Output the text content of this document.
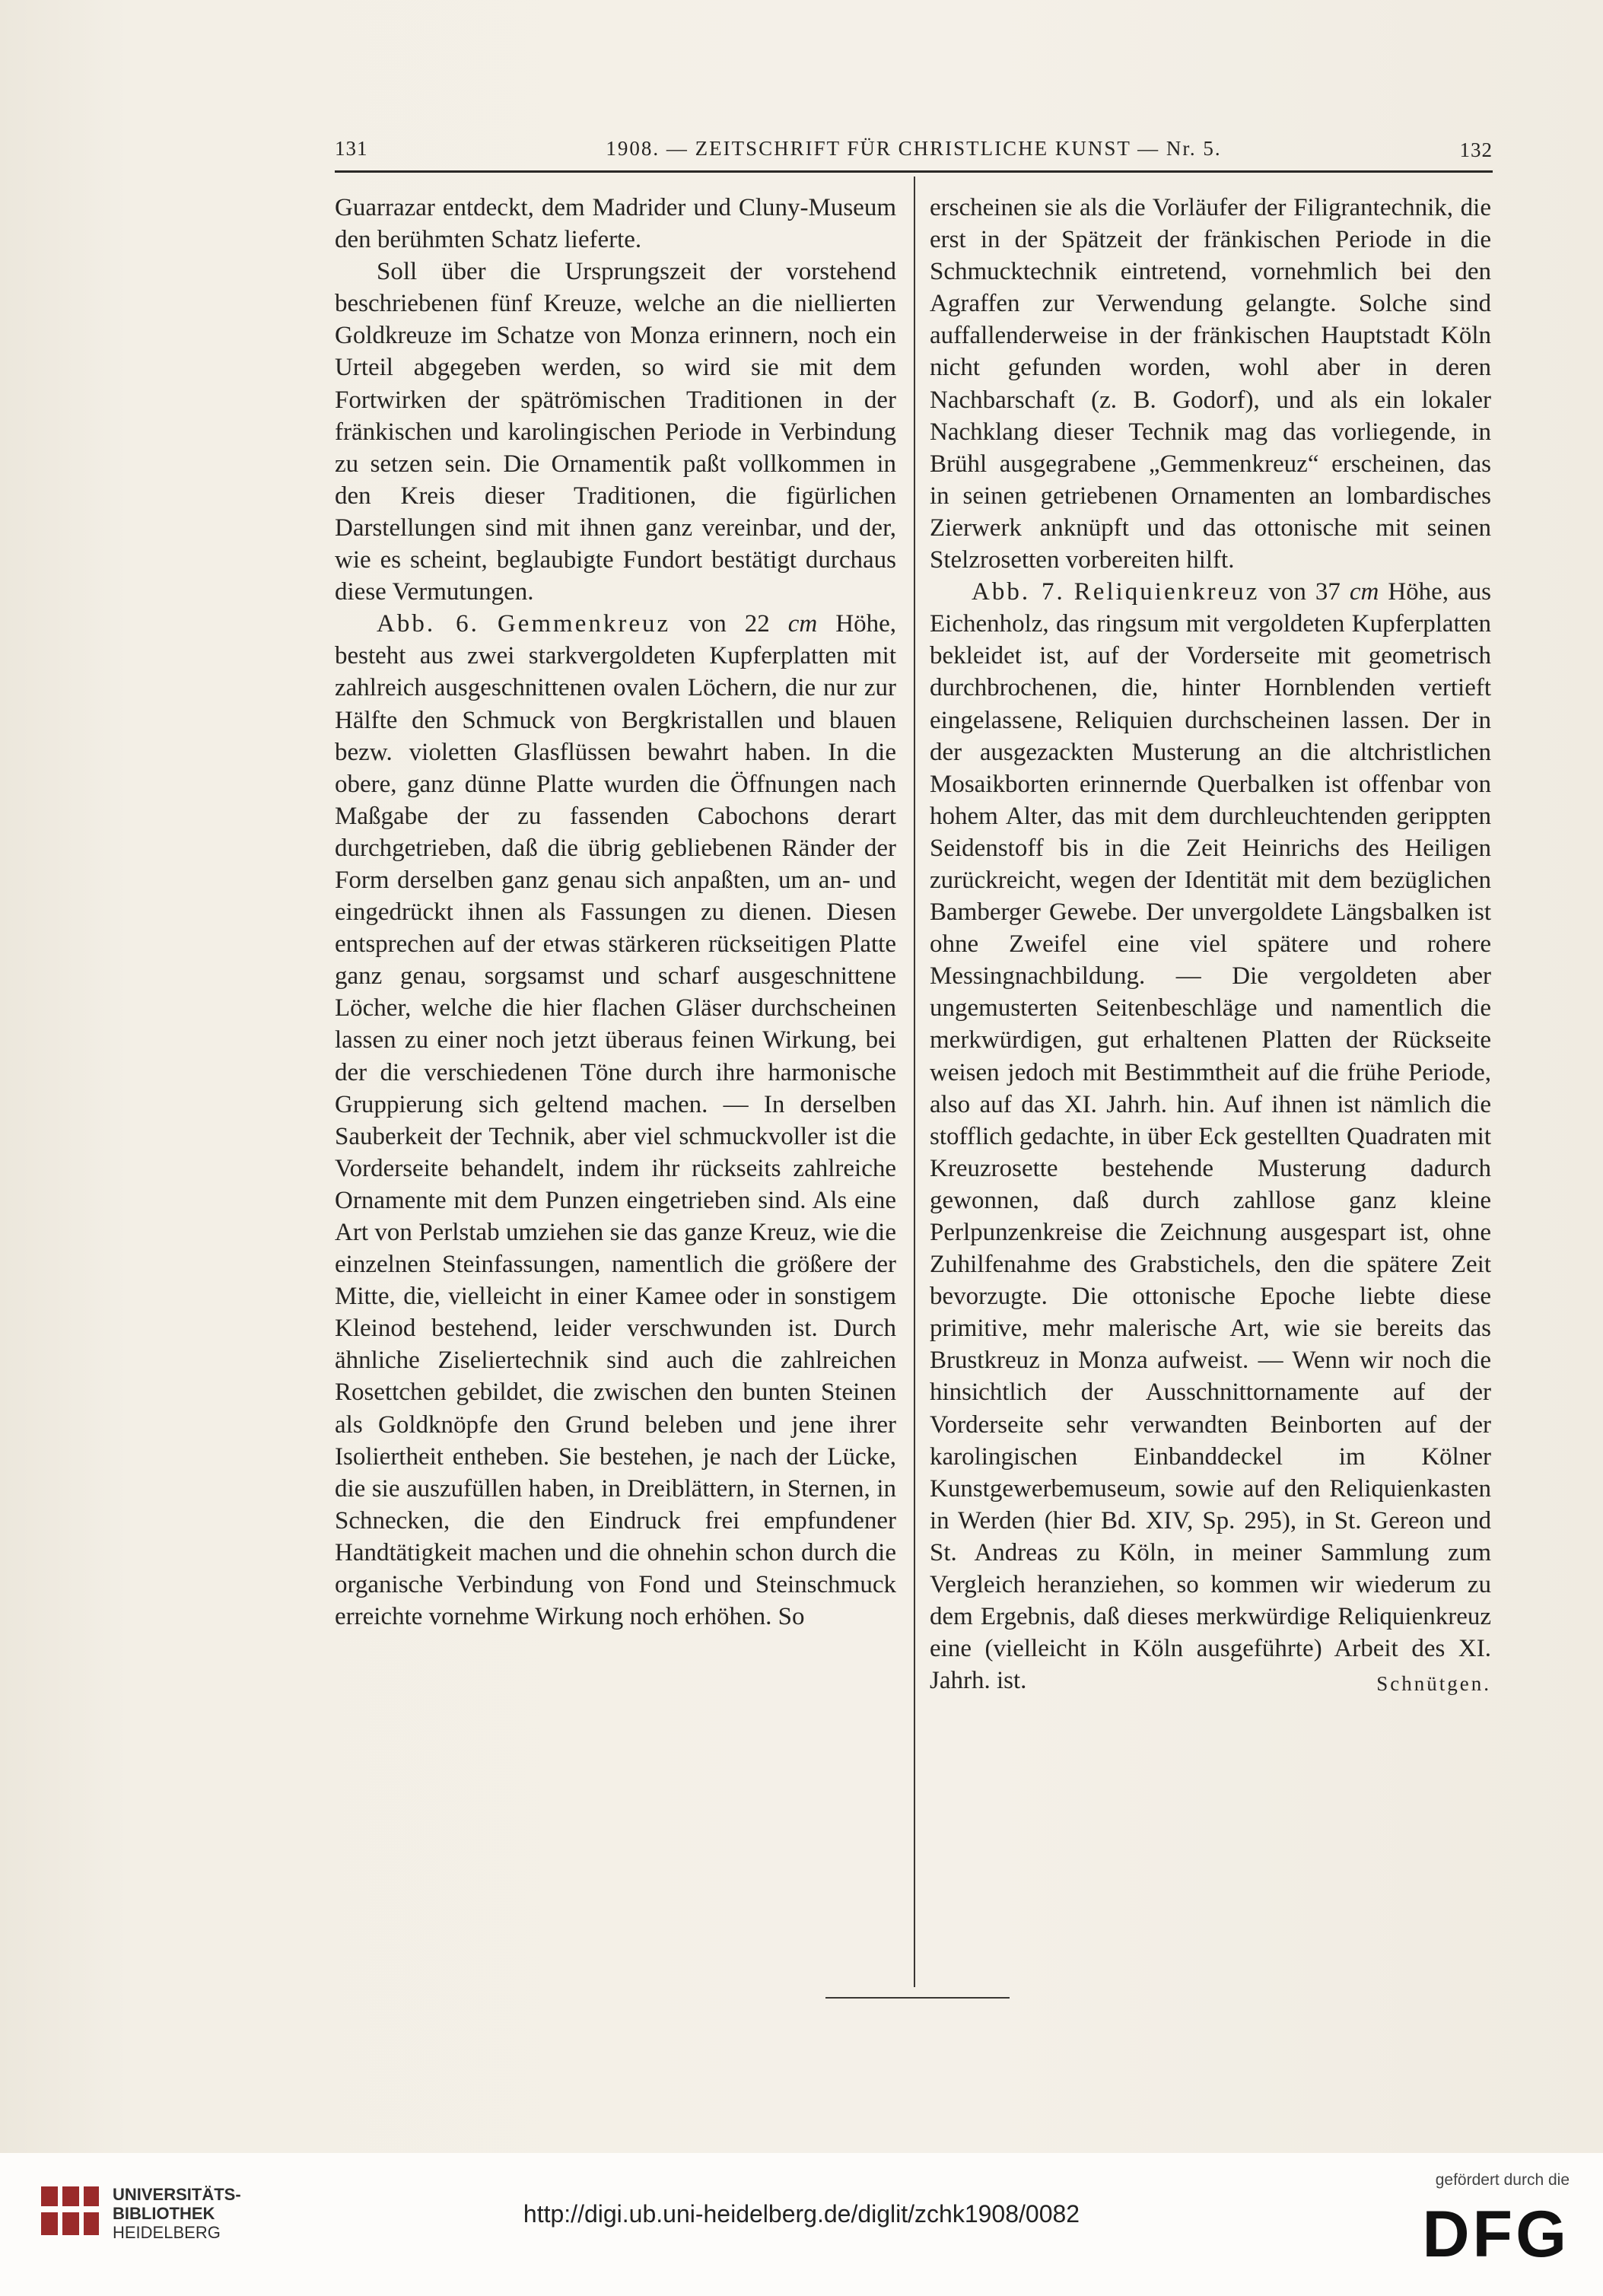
131	1908. — ZEITSCHRIFT FÜR CHRISTLICHE KUNST — Nr. 5.	132

Guarrazar entdeckt, dem Madrider und Cluny-Museum den berühmten Schatz lieferte.

Soll über die Ursprungszeit der vorstehend beschriebenen fünf Kreuze, welche an die niellierten Goldkreuze im Schatze von Monza erinnern, noch ein Urteil abgegeben werden, so wird sie mit dem Fortwirken der spätrömischen Traditionen in der fränkischen und karolingischen Periode in Verbindung zu setzen sein. Die Ornamentik paßt vollkommen in den Kreis dieser Traditionen, die figürlichen Darstellungen sind mit ihnen ganz vereinbar, und der, wie es scheint, beglaubigte Fundort bestätigt durchaus diese Vermutungen.

Abb. 6. Gemmenkreuz von 22 cm Höhe, besteht aus zwei starkvergoldeten Kupferplatten mit zahlreich ausgeschnittenen ovalen Löchern, die nur zur Hälfte den Schmuck von Bergkristallen und blauen bezw. violetten Glasflüssen bewahrt haben. In die obere, ganz dünne Platte wurden die Öffnungen nach Maßgabe der zu fassenden Cabochons derart durchgetrieben, daß die übrig gebliebenen Ränder der Form derselben ganz genau sich anpaßten, um an- und eingedrückt ihnen als Fassungen zu dienen. Diesen entsprechen auf der etwas stärkeren rückseitigen Platte ganz genau, sorgsamst und scharf ausgeschnittene Löcher, welche die hier flachen Gläser durchscheinen lassen zu einer noch jetzt überaus feinen Wirkung, bei der die verschiedenen Töne durch ihre harmonische Gruppierung sich geltend machen. — In derselben Sauberkeit der Technik, aber viel schmuckvoller ist die Vorderseite behandelt, indem ihr rückseits zahlreiche Ornamente mit dem Punzen eingetrieben sind. Als eine Art von Perlstab umziehen sie das ganze Kreuz, wie die einzelnen Steinfassungen, namentlich die größere der Mitte, die, vielleicht in einer Kamee oder in sonstigem Kleinod bestehend, leider verschwunden ist. Durch ähnliche Ziseliertechnik sind auch die zahlreichen Rosettchen gebildet, die zwischen den bunten Steinen als Goldknöpfe den Grund beleben und jene ihrer Isoliertheit entheben. Sie bestehen, je nach der Lücke, die sie auszufüllen haben, in Dreiblättern, in Sternen, in Schnecken, die den Eindruck frei empfundener Handtätigkeit machen und die ohnehin schon durch die organische Verbindung von Fond und Steinschmuck erreichte vornehme Wirkung noch erhöhen. So

erscheinen sie als die Vorläufer der Filigrantechnik, die erst in der Spätzeit der fränkischen Periode in die Schmucktechnik eintretend, vornehmlich bei den Agraffen zur Verwendung gelangte. Solche sind auffallenderweise in der fränkischen Hauptstadt Köln nicht gefunden worden, wohl aber in deren Nachbarschaft (z. B. Godorf), und als ein lokaler Nachklang dieser Technik mag das vorliegende, in Brühl ausgegrabene „Gemmenkreuz“ erscheinen, das in seinen getriebenen Ornamenten an lombardisches Zierwerk anknüpft und das ottonische mit seinen Stelzrosetten vorbereiten hilft.

Abb. 7. Reliquienkreuz von 37 cm Höhe, aus Eichenholz, das ringsum mit vergoldeten Kupferplatten bekleidet ist, auf der Vorderseite mit geometrisch durchbrochenen, die, hinter Hornblenden vertieft eingelassene, Reliquien durchscheinen lassen. Der in der ausgezackten Musterung an die altchristlichen Mosaikborten erinnernde Querbalken ist offenbar von hohem Alter, das mit dem durchleuchtenden gerippten Seidenstoff bis in die Zeit Heinrichs des Heiligen zurückreicht, wegen der Identität mit dem bezüglichen Bamberger Gewebe. Der unvergoldete Längsbalken ist ohne Zweifel eine viel spätere und rohere Messingnachbildung. — Die vergoldeten aber ungemusterten Seitenbeschläge und namentlich die merkwürdigen, gut erhaltenen Platten der Rückseite weisen jedoch mit Bestimmtheit auf die frühe Periode, also auf das XI. Jahrh. hin. Auf ihnen ist nämlich die stofflich gedachte, in über Eck gestellten Quadraten mit Kreuzrosette bestehende Musterung dadurch gewonnen, daß durch zahllose ganz kleine Perlpunzenkreise die Zeichnung ausgespart ist, ohne Zuhilfenahme des Grabstichels, den die spätere Zeit bevorzugte. Die ottonische Epoche liebte diese primitive, mehr malerische Art, wie sie bereits das Brustkreuz in Monza aufweist. — Wenn wir noch die hinsichtlich der Ausschnittornamente auf der Vorderseite sehr verwandten Beinborten auf der karolingischen Einbanddeckel im Kölner Kunstgewerbemuseum, sowie auf den Reliquienkasten in Werden (hier Bd. XIV, Sp. 295), in St. Gereon und St. Andreas zu Köln, in meiner Sammlung zum Vergleich heranziehen, so kommen wir wiederum zu dem Ergebnis, daß dieses merkwürdige Reliquienkreuz eine (vielleicht in Köln ausgeführte) Arbeit des XI. Jahrh. ist.	Schnütgen.

UNIVERSITÄTS-
BIBLIOTHEK
HEIDELBERG
http://digi.ub.uni-heidelberg.de/diglit/zchk1908/0082
gefördert durch die
DFG
